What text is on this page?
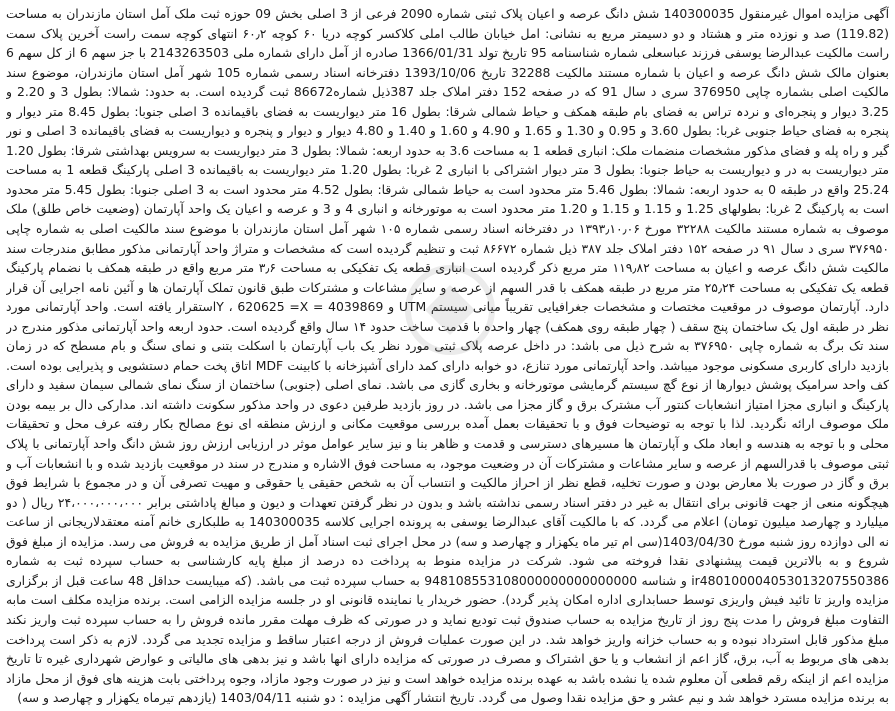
آگهی مزایده اموال غیرمنقول 140300035 شش دانگ عرصه و اعیان پلاک ثبتی شماره 2090 فرعی از 3 اصلی بخش 09 حوزه ثبت ملک آمل استان مازندران به مساحت (119.82) صد و نوزده متر و هشتاد و دو دسیمتر مربع به نشانی: امل خیابان طالب املی کلاکسر کوچه دریا ۶۰ کوچه ۶۰٫۲ انتهای کوچه سمت راست آخرین پلاک سمت راست مالکیت عبدالرضا یوسفی فرزند عباسعلی شماره شناسنامه 95 تاریخ تولد 1366/01/31 صادره از آمل دارای شماره ملی 2143263503 با جز سهم 6 از کل سهم 6 بعنوان مالک شش دانگ عرصه و اعیان با شماره مستند مالکیت 32288 تاریخ 1393/10/06 دفترخانه اسناد رسمی شماره 105 شهر آمل استان مازندران، موضوع سند مالکیت اصلی بشماره چاپی 376950 سری د سال 91 که در صفحه 152 دفتر املاک جلد 387ذیل شماره86672 ثبت گردیده است. به حدود: شمالا: بطول 3 و 2.20 و 3.25 دیوار و پنجره‌ای و نردہ تراس به فضای بام طبقه همکف و حیاط شمالی شرقا: بطول 16 متر دیواریست به فضای باقیمانده 3 اصلی جنوبا: بطول 8.45 متر دیوار و پنجره به فضای حیاط جنوبی غربا: بطول 3.60 و 0.95 و 1.30 و 1.65 و 4.90 و 1.60 و 1.40 و 4.80 دیوار و دیوار و پنجره و دیواریست به فضای باقیمانده 3 اصلی و نور گیر و راه پله و فضای مذکور مشخصات منضمات ملک: انباری قطعه 1 به مساحت 3.6 به حدود اربعه: شمالا: بطول 3 متر دیواریست به سرویس بهداشتی شرقا: بطول 1.20 متر دیواریست به در و دیواریست به حیاط جنوبا: بطول 3 متر دیوار اشتراکی با انباری 2 غربا: بطول 1.20 متر دیواریست به باقیمانده 3 اصلی پارکینگ قطعه 1 به مساحت 25.24 واقع در طبقه 0 به حدود اربعه: شمالا: بطول 5.46 متر محدود است به حیاط شمالی شرقا: بطول 4.52 متر محدود است به 3 اصلی جنوبا: بطول 5.45 متر محدود است به پارکینگ 2 غربا: بطولهای 1.25 و 1.15 و 1.15 و 1.20 متر محدود است به موتورخانه و انباری 4 و 3 و عرصه و اعیان یک واحد آپارتمان (وضعیت خاص طلق) ملک موصوف به شماره مستند مالکیت ۳۲۲۸۸ مورخ ۱۳۹۳٫۱۰٫۰۶ در دفترخانه اسناد رسمی شماره ۱۰۵ شهر آمل استان مازندران با موضوع سند مالکیت اصلی به شماره چاپی ۳۷۶۹۵۰ سری د سال ۹۱ در صفحه ۱۵۲ دفتر املاک جلد ۳۸۷ ذیل شماره ۸۶۶۷۲ ثبت و تنظیم گردیده است که مشخصات و متراژ واحد آپارتمانی مذکور مطابق مندرجات سند مالکیت شش دانگ عرصه و اعیان به مساحت ۱۱۹٫۸۲ متر مربع ذکر گردیده است انباری قطعه یک تفکیکی به مساحت ۳٫۶ متر مربع واقع در طبقه همکف با نضمام پارکینگ قطعه یک تفکیکی به مساحت ۲۵٫۲۴ متر مربع در طبقه همکف با قدر السهم از عرصه و سایر مشاعات و مشترکات طبق قانون تملک آپارتمان ها و آئین نامه اجرایی آن قرار دارد. آپارتمان موصوف در موقعیت مختصات و مشخصات جغرافیایی تقریباً میانی سیستم UTM و 4039869 = Y ، 620625 =Xاستقرار یافته است. واحد آپارتمانی مورد نظر در طبقه اول یک ساختمان پنج سقف ( چهار طبقه روی همکف) چهار واحده با قدمت ساخت حدود ۱۴ سال واقع گردیده است. حدود اربعه واحد آپارتمانی مذکور مندرج در سند تک برگ به شماره چاپی ۳۷۶۹۵۰ به شرح ذیل می باشد: در داخل عرصه پلاک ثبتی مورد نظر یک باب آپارتمان با اسکلت بتنی و نمای سنگ و بام مسطح که در زمان بازدید دارای کاربری مسکونی موجود میباشد. واحد آپارتمانی مورد تنازع، دو خوابه دارای کمد دارای آشپزخانه با کابینت MDF اتاق پخت حمام دستشویی و پذیرایی بوده است. کف واحد سرامیک پوشش دیوارها از نوع گچ سیستم گرمایشی موتورخانه و بخاری گازی می باشد. نمای اصلی (جنوبی) ساختمان از سنگ نمای شمالی سیمان سفید و دارای پارکینگ و انباری مجزا امتیاز انشعابات کنتور آب مشترک برق و گاز مجزا می باشد. در روز بازدید طرفین دعوی در واحد مذکور سکونت داشته اند. مدارکی دال بر بیمه بودن ملک موصوف ارائه نگردید. لذا با توجه به توضیحات فوق و با تحقیقات بعمل آمده بررسی موقعیت مکانی و ارزش منطقه ای نوع مصالح بکار رفته عرف محل و تحقیقات محلی و با توجه به هندسه و ابعاد ملک و آپارتمان ها مسیرهای دسترسی و قدمت و ظاهر بنا و نیز سایر عوامل موثر در ارزیابی ارزش روز شش دانگ واحد آپارتمانی با پلاک ثبتی موصوف با قدرالسهم از عرصه و سایر مشاعات و مشترکات آن در وضعیت موجود، به مساحت فوق الاشاره و مندرج در سند در موقعیت بازدید شده و با انشعابات آب و برق و گاز در صورت بلا معارض بودن و صورت تخلیه، قطع نظر از احراز مالکیت و انتساب آن به شخص حقیقی یا حقوقی و مهیت تصرفی آن و در مجموع با شرایط فوق هیچگونه منعی از جهت قانونی برای انتقال به غیر در دفتر اسناد رسمی نداشته باشد و بدون در نظر گرفتن تعهدات و دیون و مبالغ پاداشتی برابر ۲۴،۰۰۰،۰۰۰،۰۰۰ ریال ( دو میلیارد و چهارصد میلیون تومان) اعلام می گردد. که با مالکیت آقای عبدالرضا یوسفی به پرونده اجرایی کلاسه 140300035 به طلبکاری خانم آمنه معتقدلاریجانی از ساعت نه الی دوازده روز شنبه مورخ 1403/04/30(سی ام تیر ماه یکهزار و چهارصد و سه) در محل اجرای ثبت اسناد آمل از طریق مزایده به فروش می رسد. مزایده از مبلغ فوق شروع و به بالاترین قیمت پیشنهادی نقدا فروخته می شود. شرکت در مزایده منوط به پرداخت ده درصد از مبلغ پایه کارشناسی به حساب سپرده ثبت به شماره ir480100004053013207550386 و شناسه 948108553108000000000000000 به حساب سپرده ثبت می باشد. (که میبایست حداقل 48 ساعت قبل از برگزاری مزایده واریز تا تائید فیش واریزی توسط حسابداری اداره امکان پذیر گردد). حضور خریدار یا نماینده قانونی او در جلسه مزایده الزامی است. برنده مزایده مکلف است مابه التفاوت مبلغ فروش را مدت پنج روز از تاریخ مزایده به حساب صندوق ثبت تودیع نماید و در صورتی که ظرف مهلت مقرر مانده فروش را به حساب سپرده ثبت واریز نکند مبلغ مذکور قابل استرداد نبوده و به حساب خزانه واریز خواهد شد. در این صورت عملیات فروش از درجه اعتبار ساقط و مزایده تجدید می گردد. لازم به ذکر است پرداخت بدهی های مربوط به آب، برق، گاز اعم از انشعاب و یا حق اشتراک و مصرف در صورتی که مزایده دارای انها باشد و نیز بدهی های مالیاتی و عوارض شهرداری غیره تا تاریخ مزایده اعم از اینکه رقم قطعی آن معلوم شده یا نشده باشد به عهده برنده مزایده خواهد است و نیز در صورت وجود مازاد، وجوه پرداختی بابت هزینه های فوق از محل مازاد به برنده مزایده مسترد خواهد شد و نیم عشر و حق مزایده نقدا وصول می گردد. تاریخ انتشار آگهی مزایده : دو شنبه 1403/04/11 (یازدهم تیرماه یکهزار و چهارصد و سه)
